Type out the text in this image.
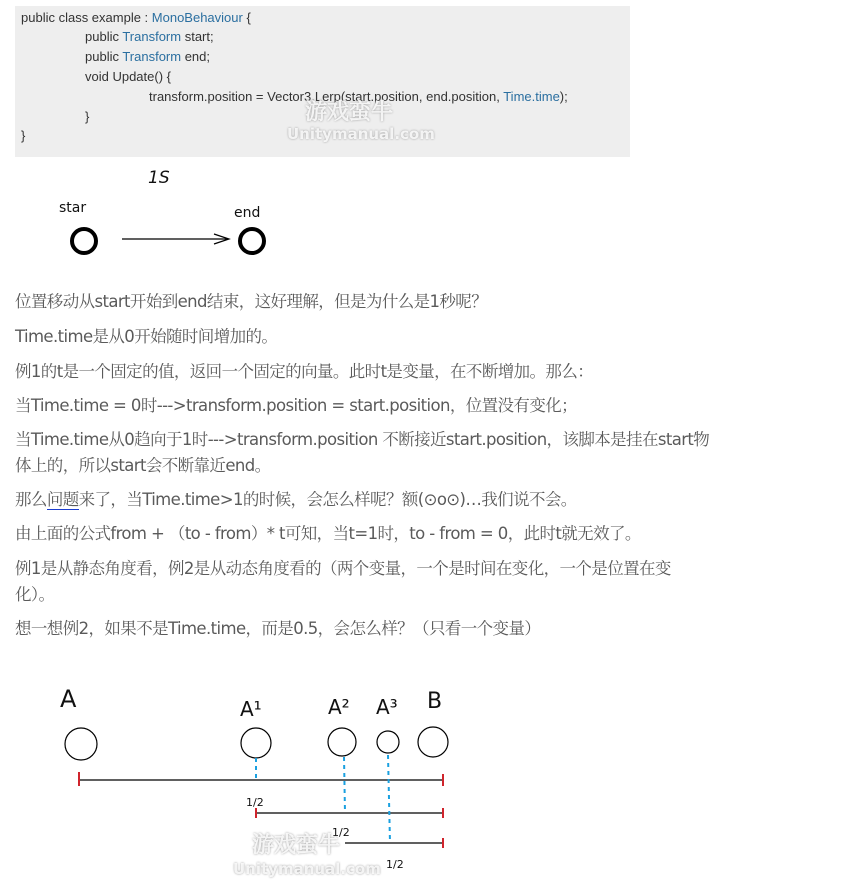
public class example : MonoBehaviour {
public Transform start;
public Transform end;
void Update() {
transform.position = Vector3.Lerp(start.position, end.position, Time.time);
}
}
1S
star	end
A	A¹	A² A³ B
1/2
1/2
1/2
位置移动从start开始到end结束，这好理解，但是为什么是1秒呢？
Time.time是从0开始随时间增加的。
例1的t是一个固定的值，返回一个固定的向量。此时t是变量，在不断增加。那么：
当Time.time = 0时--->transform.position = start.position，位置没有变化；
当Time.time从0趋向于1时--->transform.position 不断接近start.position，该脚本是挂在start物
体上的，所以start会不断靠近end。
那么问题来了，当Time.time>1的时候，会怎么样呢？额(⊙o⊙)…我们说不会。
由上面的公式from + （to - from）* t可知，当t=1时，to - from = 0，此时t就无效了。
例1是从静态角度看，例2是从动态角度看的（两个变量，一个是时间在变化，一个是位置在变
化）。
想一想例2，如果不是Time.time，而是0.5，会怎么样？（只看一个变量）
游戏蛮牛
Unitymanual.com
游戏蛮牛
Unitymanual.com
